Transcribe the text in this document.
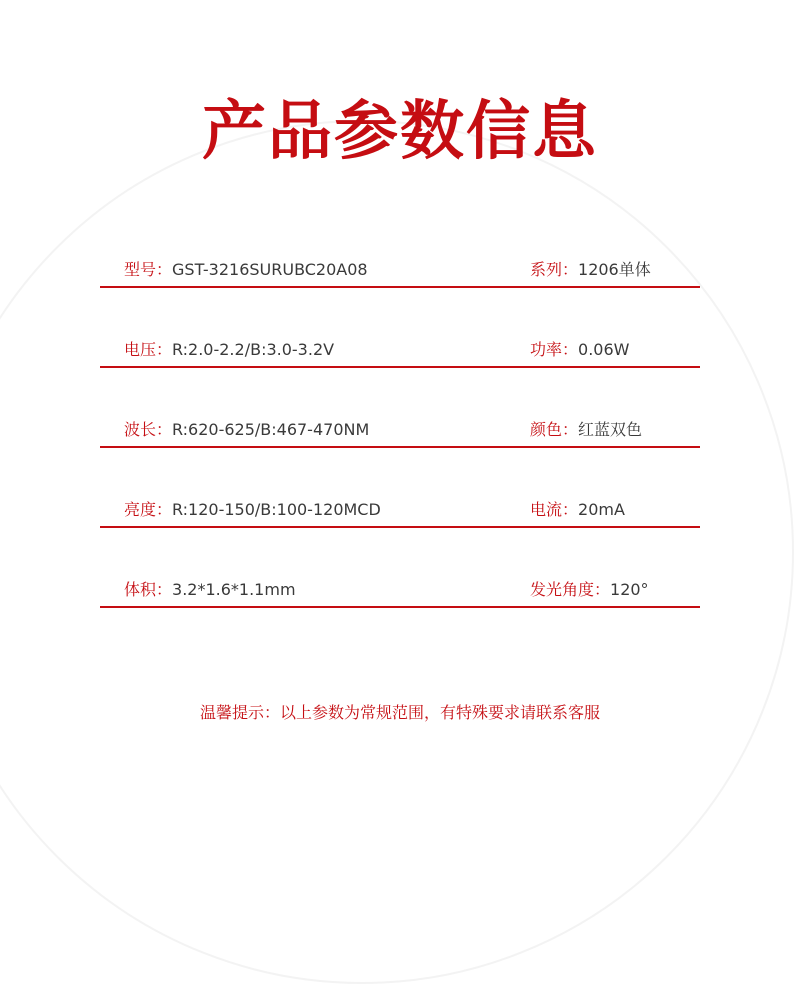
产品参数信息
型号：GST-3216SURUBC20A08	系列：1206单体
电压：R:2.0-2.2/B:3.0-3.2V	功率：0.06W
波长：R:620-625/B:467-470NM	颜色：红蓝双色
亮度：R:120-150/B:100-120MCD	电流：20mA
体积：3.2*1.6*1.1mm	发光角度：120°

温馨提示：以上参数为常规范围，有特殊要求请联系客服
